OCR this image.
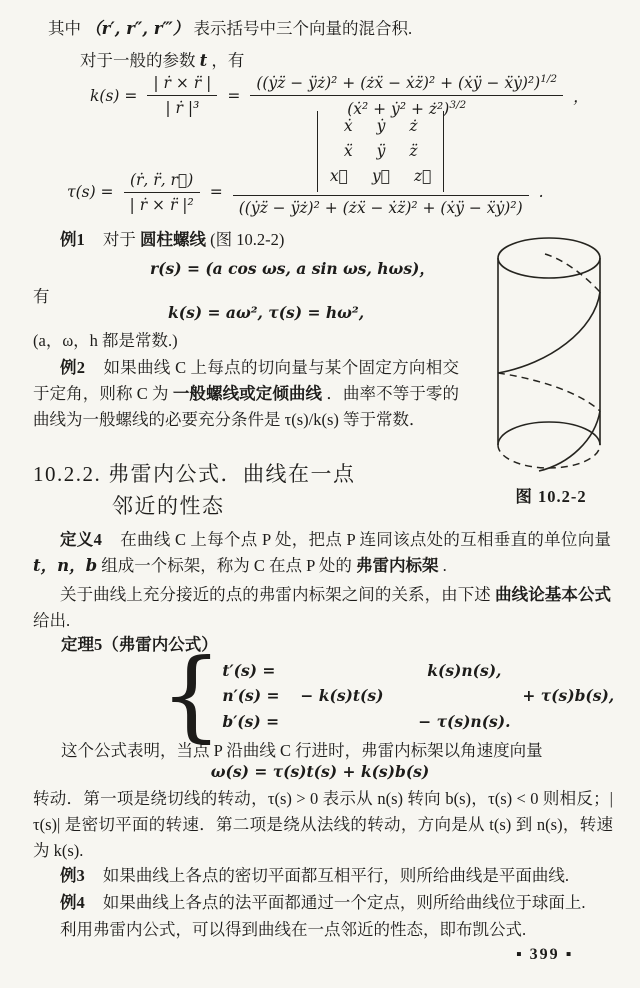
其中 （r′, r″, r‴） 表示括号中三个向量的混合积.
对于一般的参数 t ，有
$k(s) = \frac{\text{| ṙ × r̈ |}}{\text{| ṙ |³}} = \frac{((ẏz̈ - ÿż)^2 + (żẍ - ẋz̈)^2 + (ẋÿ - ẍẏ)^2)^{1/2}}{(ẋ^2 + ẏ^2 + ż^2)^{3/2}}$ ，
$\tau(s) = \frac{\text{(ṙ, r̈, r⃛)}}{\text{| ṙ × r̈ |²}}$ =
ẋ ẏ ż
ẍ ÿ z̈
x⃛ y⃛ z⃛
((ẏz̈ − ÿż)² + (żẍ − ẋz̈)² + (ẋÿ − ẍẏ)²)
.
例1 对于 圆柱螺线 (图 10.2-2)
r(s) = (a cos ωs, a sin ωs, hωs)，
有
k(s) = aω², τ(s) = hω²,
(a，ω，h 都是常数.)
例2 如果曲线 C 上每点的切向量与某个固定方向相交于定角，则称 C 为 一般螺线或定倾曲线 ．曲率不等于零的曲线为一般螺线的必要充分条件是 τ(s)/k(s) 等于常数．
10.2.2. 弗雷内公式．曲线在一点
邻近的性态	图 10.2-2
定义4 在曲线 C 上每个点 P 处，把点 P 连同该点处的互相垂直的单位向量 t，n，b 组成一个标架，称为 C 在点 P 处的 弗雷内标架 .
关于曲线上充分接近的点的弗雷内标架之间的关系，由下述 曲线论基本公式 给出.
定理5（弗雷内公式）
{ t′(s) =	k(s)n(s),
n′(s) =	− k(s)t(s)	+ τ(s)b(s),
b′(s) =	− τ(s)n(s).
这个公式表明，当点 P 沿曲线 C 行进时，弗雷内标架以角速度向量
ω(s) = τ(s)t(s) + k(s)b(s)
转动．第一项是绕切线的转动，τ(s) > 0 表示从 n(s) 转向 b(s)，τ(s) < 0 则相反；|τ(s)| 是密切平面的转速．第二项是绕从法线的转动，方向是从 t(s) 到 n(s)，转速为 k(s).
例3 如果曲线上各点的密切平面都互相平行，则所给曲线是平面曲线.
例4 如果曲线上各点的法平面都通过一个定点，则所给曲线位于球面上.
利用弗雷内公式，可以得到曲线在一点邻近的性态，即布凯公式.
▪ 399 ▪
